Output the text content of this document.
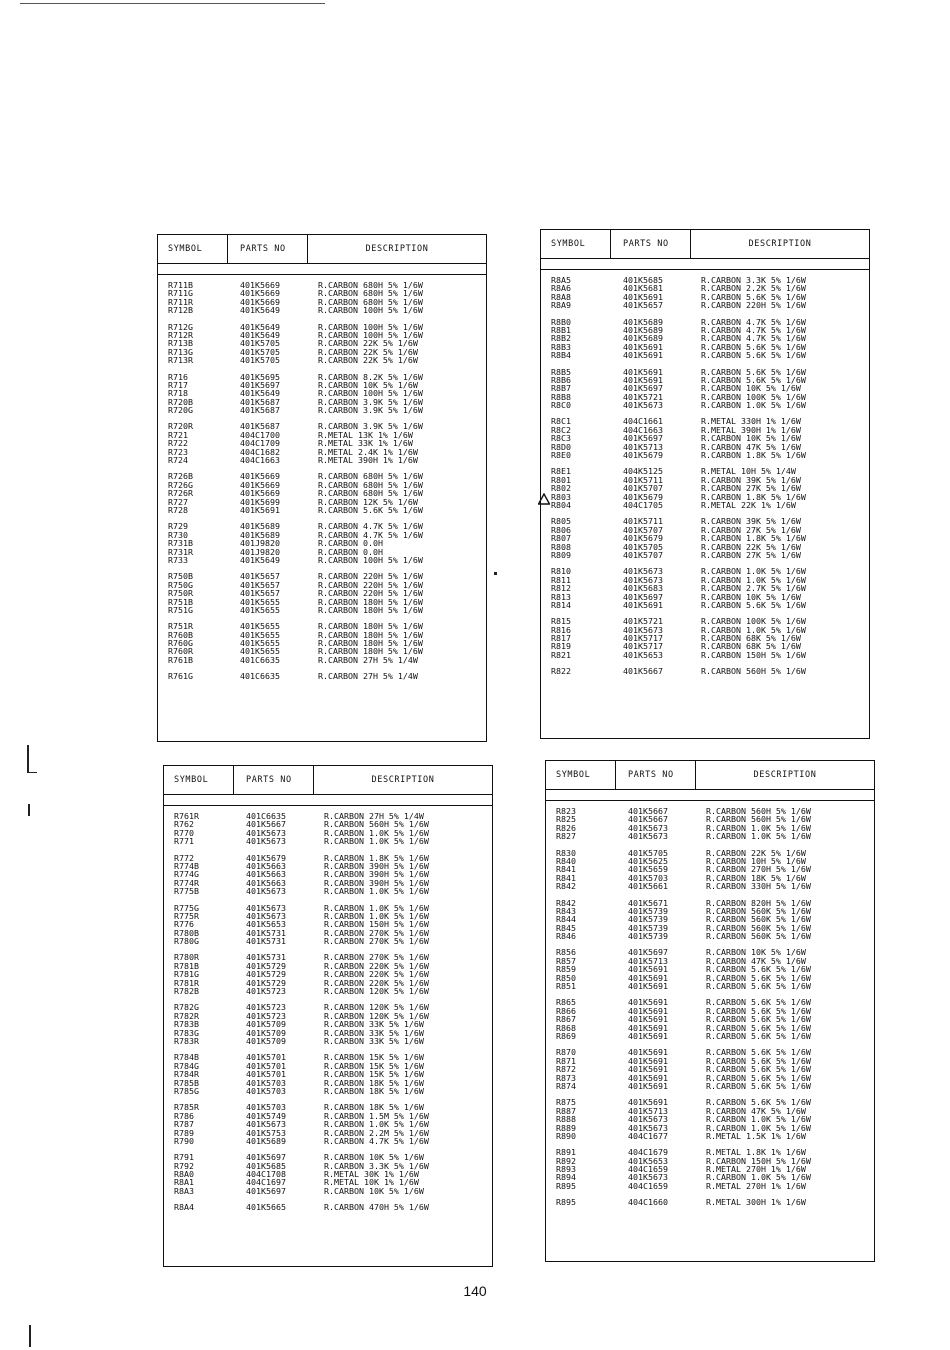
SYMBOL	PARTS NO	DESCRIPTION
R711B	401K5669	R.CARBON 680H 5% 1/6W
R711G	401K5669	R.CARBON 680H 5% 1/6W
R711R	401K5669	R.CARBON 680H 5% 1/6W
R712B	401K5649	R.CARBON 100H 5% 1/6W
R712G	401K5649	R.CARBON 100H 5% 1/6W
R712R	401K5649	R.CARBON 100H 5% 1/6W
R713B	401K5705	R.CARBON 22K 5% 1/6W
R713G	401K5705	R.CARBON 22K 5% 1/6W
R713R	401K5705	R.CARBON 22K 5% 1/6W
R716	401K5695	R.CARBON 8.2K 5% 1/6W
R717	401K5697	R.CARBON 10K 5% 1/6W
R718	401K5649	R.CARBON 100H 5% 1/6W
R720B	401K5687	R.CARBON 3.9K 5% 1/6W
R720G	401K5687	R.CARBON 3.9K 5% 1/6W
R720R	401K5687	R.CARBON 3.9K 5% 1/6W
R721	404C1700	R.METAL 13K 1% 1/6W
R722	404C1709	R.METAL 33K 1% 1/6W
R723	404C1682	R.METAL 2.4K 1% 1/6W
R724	404C1663	R.METAL 390H 1% 1/6W
R726B	401K5669	R.CARBON 680H 5% 1/6W
R726G	401K5669	R.CARBON 680H 5% 1/6W
R726R	401K5669	R.CARBON 680H 5% 1/6W
R727	401K5699	R.CARBON 12K 5% 1/6W
R728	401K5691	R.CARBON 5.6K 5% 1/6W
R729	401K5689	R.CARBON 4.7K 5% 1/6W
R730	401K5689	R.CARBON 4.7K 5% 1/6W
R731B	401J9820	R.CARBON 0.0H
R731R	401J9820	R.CARBON 0.0H
R733	401K5649	R.CARBON 100H 5% 1/6W
R750B	401K5657	R.CARBON 220H 5% 1/6W
R750G	401K5657	R.CARBON 220H 5% 1/6W
R750R	401K5657	R.CARBON 220H 5% 1/6W
R751B	401K5655	R.CARBON 180H 5% 1/6W
R751G	401K5655	R.CARBON 180H 5% 1/6W
R751R	401K5655	R.CARBON 180H 5% 1/6W
R760B	401K5655	R.CARBON 180H 5% 1/6W
R760G	401K5655	R.CARBON 180H 5% 1/6W
R760R	401K5655	R.CARBON 180H 5% 1/6W
R761B	401C6635	R.CARBON 27H 5% 1/4W
R761G	401C6635	R.CARBON 27H 5% 1/4W
SYMBOL	PARTS NO	DESCRIPTION
R8A5	401K5685	R.CARBON 3.3K 5% 1/6W
R8A6	401K5681	R.CARBON 2.2K 5% 1/6W
R8A8	401K5691	R.CARBON 5.6K 5% 1/6W
R8A9	401K5657	R.CARBON 220H 5% 1/6W
R8B0	401K5689	R.CARBON 4.7K 5% 1/6W
R8B1	401K5689	R.CARBON 4.7K 5% 1/6W
R8B2	401K5689	R.CARBON 4.7K 5% 1/6W
R8B3	401K5691	R.CARBON 5.6K 5% 1/6W
R8B4	401K5691	R.CARBON 5.6K 5% 1/6W
R8B5	401K5691	R.CARBON 5.6K 5% 1/6W
R8B6	401K5691	R.CARBON 5.6K 5% 1/6W
R8B7	401K5697	R.CARBON 10K 5% 1/6W
R8B8	401K5721	R.CARBON 100K 5% 1/6W
R8C0	401K5673	R.CARBON 1.0K 5% 1/6W
R8C1	404C1661	R.METAL 330H 1% 1/6W
R8C2	404C1663	R.METAL 390H 1% 1/6W
R8C3	401K5697	R.CARBON 10K 5% 1/6W
R8D0	401K5713	R.CARBON 47K 5% 1/6W
R8E0	401K5679	R.CARBON 1.8K 5% 1/6W
R8E1	404K5125	R.METAL 10H 5% 1/4W
R801	401K5711	R.CARBON 39K 5% 1/6W
R802	401K5707	R.CARBON 27K 5% 1/6W
R803	401K5679	R.CARBON 1.8K 5% 1/6W
R804	404C1705	R.METAL 22K 1% 1/6W
R805	401K5711	R.CARBON 39K 5% 1/6W
R806	401K5707	R.CARBON 27K 5% 1/6W
R807	401K5679	R.CARBON 1.8K 5% 1/6W
R808	401K5705	R.CARBON 22K 5% 1/6W
R809	401K5707	R.CARBON 27K 5% 1/6W
R810	401K5673	R.CARBON 1.0K 5% 1/6W
R811	401K5673	R.CARBON 1.0K 5% 1/6W
R812	401K5683	R.CARBON 2.7K 5% 1/6W
R813	401K5697	R.CARBON 10K 5% 1/6W
R814	401K5691	R.CARBON 5.6K 5% 1/6W
R815	401K5721	R.CARBON 100K 5% 1/6W
R816	401K5673	R.CARBON 1.0K 5% 1/6W
R817	401K5717	R.CARBON 68K 5% 1/6W
R819	401K5717	R.CARBON 68K 5% 1/6W
R821	401K5653	R.CARBON 150H 5% 1/6W
R822	401K5667	R.CARBON 560H 5% 1/6W
SYMBOL	PARTS NO	DESCRIPTION
R761R	401C6635	R.CARBON 27H 5% 1/4W
R762	401K5667	R.CARBON 560H 5% 1/6W
R770	401K5673	R.CARBON 1.0K 5% 1/6W
R771	401K5673	R.CARBON 1.0K 5% 1/6W
R772	401K5679	R.CARBON 1.8K 5% 1/6W
R774B	401K5663	R.CARBON 390H 5% 1/6W
R774G	401K5663	R.CARBON 390H 5% 1/6W
R774R	401K5663	R.CARBON 390H 5% 1/6W
R775B	401K5673	R.CARBON 1.0K 5% 1/6W
R775G	401K5673	R.CARBON 1.0K 5% 1/6W
R775R	401K5673	R.CARBON 1.0K 5% 1/6W
R776	401K5653	R.CARBON 150H 5% 1/6W
R780B	401K5731	R.CARBON 270K 5% 1/6W
R780G	401K5731	R.CARBON 270K 5% 1/6W
R780R	401K5731	R.CARBON 270K 5% 1/6W
R781B	401K5729	R.CARBON 220K 5% 1/6W
R781G	401K5729	R.CARBON 220K 5% 1/6W
R781R	401K5729	R.CARBON 220K 5% 1/6W
R782B	401K5723	R.CARBON 120K 5% 1/6W
R782G	401K5723	R.CARBON 120K 5% 1/6W
R782R	401K5723	R.CARBON 120K 5% 1/6W
R783B	401K5709	R.CARBON 33K 5% 1/6W
R783G	401K5709	R.CARBON 33K 5% 1/6W
R783R	401K5709	R.CARBON 33K 5% 1/6W
R784B	401K5701	R.CARBON 15K 5% 1/6W
R784G	401K5701	R.CARBON 15K 5% 1/6W
R784R	401K5701	R.CARBON 15K 5% 1/6W
R785B	401K5703	R.CARBON 18K 5% 1/6W
R785G	401K5703	R.CARBON 18K 5% 1/6W
R785R	401K5703	R.CARBON 18K 5% 1/6W
R786	401K5749	R.CARBON 1.5M 5% 1/6W
R787	401K5673	R.CARBON 1.0K 5% 1/6W
R789	401K5753	R.CARBON 2.2M 5% 1/6W
R790	401K5689	R.CARBON 4.7K 5% 1/6W
R791	401K5697	R.CARBON 10K 5% 1/6W
R792	401K5685	R.CARBON 3.3K 5% 1/6W
R8A0	404C1708	R.METAL 30K 1% 1/6W
R8A1	404C1697	R.METAL 10K 1% 1/6W
R8A3	401K5697	R.CARBON 10K 5% 1/6W
R8A4	401K5665	R.CARBON 470H 5% 1/6W
SYMBOL	PARTS NO	DESCRIPTION
R823	401K5667	R.CARBON 560H 5% 1/6W
R825	401K5667	R.CARBON 560H 5% 1/6W
R826	401K5673	R.CARBON 1.0K 5% 1/6W
R827	401K5673	R.CARBON 1.0K 5% 1/6W
R830	401K5705	R.CARBON 22K 5% 1/6W
R840	401K5625	R.CARBON 10H 5% 1/6W
R841	401K5659	R.CARBON 270H 5% 1/6W
R841	401K5703	R.CARBON 18K 5% 1/6W
R842	401K5661	R.CARBON 330H 5% 1/6W
R842	401K5671	R.CARBON 820H 5% 1/6W
R843	401K5739	R.CARBON 560K 5% 1/6W
R844	401K5739	R.CARBON 560K 5% 1/6W
R845	401K5739	R.CARBON 560K 5% 1/6W
R846	401K5739	R.CARBON 560K 5% 1/6W
R856	401K5697	R.CARBON 10K 5% 1/6W
R857	401K5713	R.CARBON 47K 5% 1/6W
R859	401K5691	R.CARBON 5.6K 5% 1/6W
R850	401K5691	R.CARBON 5.6K 5% 1/6W
R851	401K5691	R.CARBON 5.6K 5% 1/6W
R865	401K5691	R.CARBON 5.6K 5% 1/6W
R866	401K5691	R.CARBON 5.6K 5% 1/6W
R867	401K5691	R.CARBON 5.6K 5% 1/6W
R868	401K5691	R.CARBON 5.6K 5% 1/6W
R869	401K5691	R.CARBON 5.6K 5% 1/6W
R870	401K5691	R.CARBON 5.6K 5% 1/6W
R871	401K5691	R.CARBON 5.6K 5% 1/6W
R872	401K5691	R.CARBON 5.6K 5% 1/6W
R873	401K5691	R.CARBON 5.6K 5% 1/6W
R874	401K5691	R.CARBON 5.6K 5% 1/6W
R875	401K5691	R.CARBON 5.6K 5% 1/6W
R887	401K5713	R.CARBON 47K 5% 1/6W
R888	401K5673	R.CARBON 1.0K 5% 1/6W
R889	401K5673	R.CARBON 1.0K 5% 1/6W
R890	404C1677	R.METAL 1.5K 1% 1/6W
R891	404C1679	R.METAL 1.8K 1% 1/6W
R892	401K5653	R.CARBON 150H 5% 1/6W
R893	404C1659	R.METAL 270H 1% 1/6W
R894	401K5673	R.CARBON 1.0K 5% 1/6W
R895	404C1659	R.METAL 270H 1% 1/6W
R895	404C1660	R.METAL 300H 1% 1/6W
140
